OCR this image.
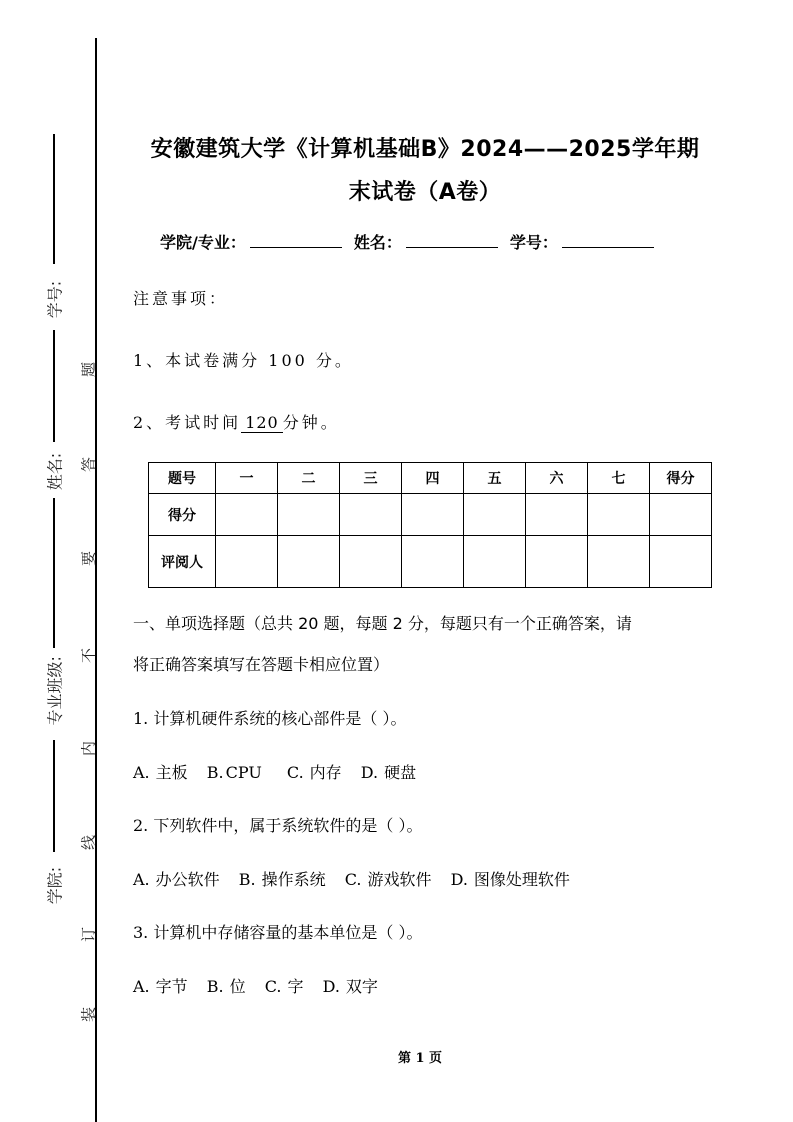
学号:
姓名:
专业班级:
学院:
题
答
要
不
内
线
订
装
安徽建筑大学《计算机基础B》2024——2025学年期
末试卷（A卷）
学院/专业：	姓名：	学号：
注意事项：
1、本试卷满分 100 分。
2、考试时间 120 分钟。
题号	一	二	三	四	五	六	七	得分
得分								
评阅人								
一、单项选择题（总共 20 题，每题 2 分，每题只有一个正确答案，请
将正确答案填写在答题卡相应位置）
1. 计算机硬件系统的核心部件是（ ）。
A. 主板 B. CPU C. 内存 D. 硬盘
2. 下列软件中，属于系统软件的是（ ）。
A. 办公软件 B. 操作系统 C. 游戏软件 D. 图像处理软件
3. 计算机中存储容量的基本单位是（ ）。
A. 字节 B. 位 C. 字 D. 双字
第 1 页
